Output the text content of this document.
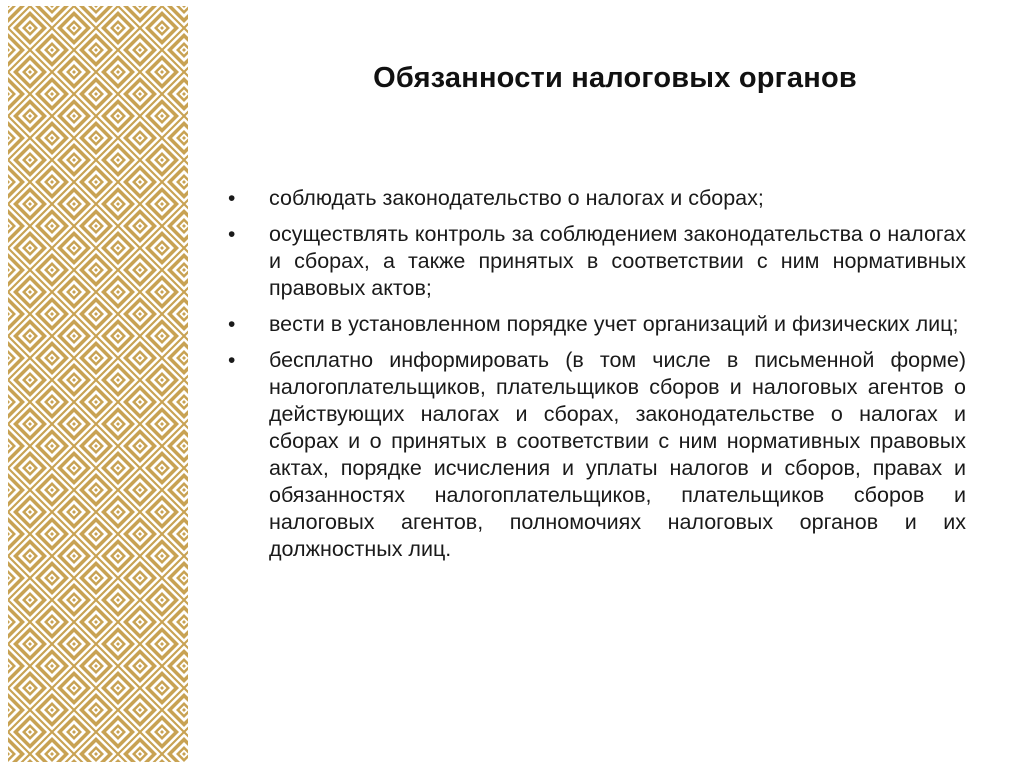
Обязанности налоговых органов
•	соблюдать законодательство о налогах и сборах;
•	осуществлять контроль за соблюдением законодательства о налогах и сборах, а также принятых в соответствии с ним нормативных правовых актов;
•	вести в установленном порядке учет организаций и физических лиц;
•	бесплатно информировать (в том числе в письменной форме) налогоплательщиков, плательщиков сборов и налоговых агентов о действующих налогах и сборах, законодательстве о налогах и сборах и о принятых в соответствии с ним нормативных правовых актах, порядке исчисления и уплаты налогов и сборов, правах и обязанностях налогоплательщиков, плательщиков сборов и налоговых агентов, полномочиях налоговых органов и их должностных лиц.
